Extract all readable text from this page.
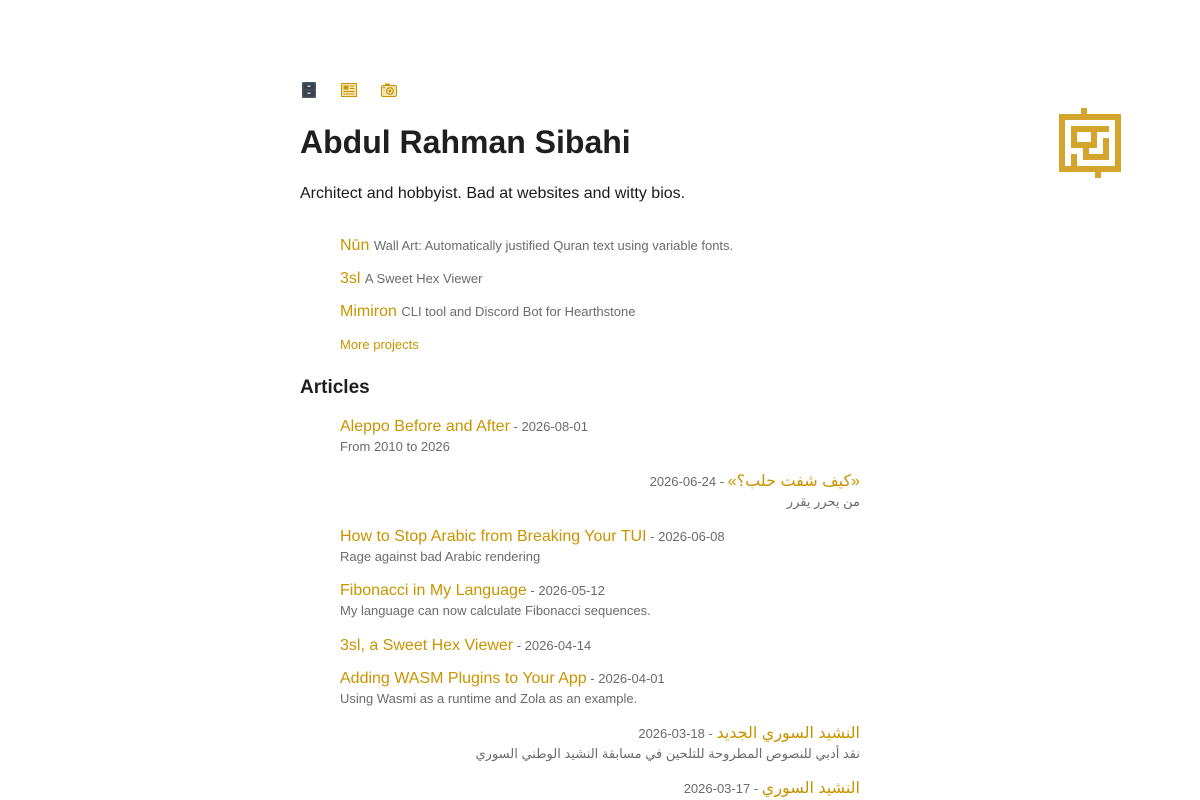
Abdul Rahman Sibahi
Architect and hobbyist. Bad at websites and witty bios.
Nūn Wall Art: Automatically justified Quran text using variable fonts.
3sl A Sweet Hex Viewer
Mimiron CLI tool and Discord Bot for Hearthstone
More projects
Articles
Aleppo Before and After - 2026-08-01
From 2010 to 2026
«كيف شفت حلب؟» - 24-06-2026
من يحرر يقرر
How to Stop Arabic from Breaking Your TUI - 2026-06-08
Rage against bad Arabic rendering
Fibonacci in My Language - 2026-05-12
My language can now calculate Fibonacci sequences.
3sl, a Sweet Hex Viewer - 2026-04-14
Adding WASM Plugins to Your App - 2026-04-01
Using Wasmi as a runtime and Zola as an example.
النشيد السوري الجديد - 18-03-2026
نقد أدبي للنصوص المطروحة للتلحين في مسابقة النشيد الوطني السوري
النشيد السوري - 17-03-2026
